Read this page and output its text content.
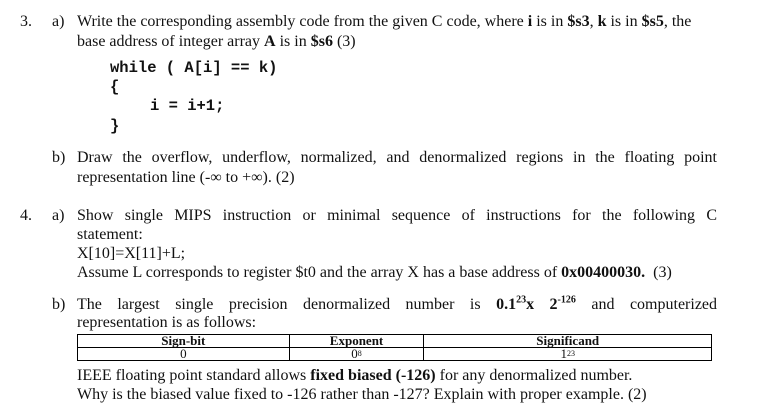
3. a) Write the corresponding assembly code from the given C code, where i is in $s3, k is in $s5, the
base address of integer array A is in $s6 (3)
while ( A[i] == k)
{
i = i+1;
}
b) Draw the overflow, underflow, normalized, and denormalized regions in the floating point
representation line (-∞ to +∞). (2)
4. a) Show single MIPS instruction or minimal sequence of instructions for the following C
statement:
X[10]=X[11]+L;
Assume L corresponds to register $t0 and the array X has a base address of 0x00400030.  (3)
b) The largest single precision denormalized number is $0.1^{23}x$ $2^{-126}$ and computerized
representation is as follows:
Sign-bit	Exponent	Significand
0	$0^8$	$1^{23}$
IEEE floating point standard allows fixed biased (-126) for any denormalized number.
Why is the biased value fixed to -126 rather than -127? Explain with proper example. (2)
